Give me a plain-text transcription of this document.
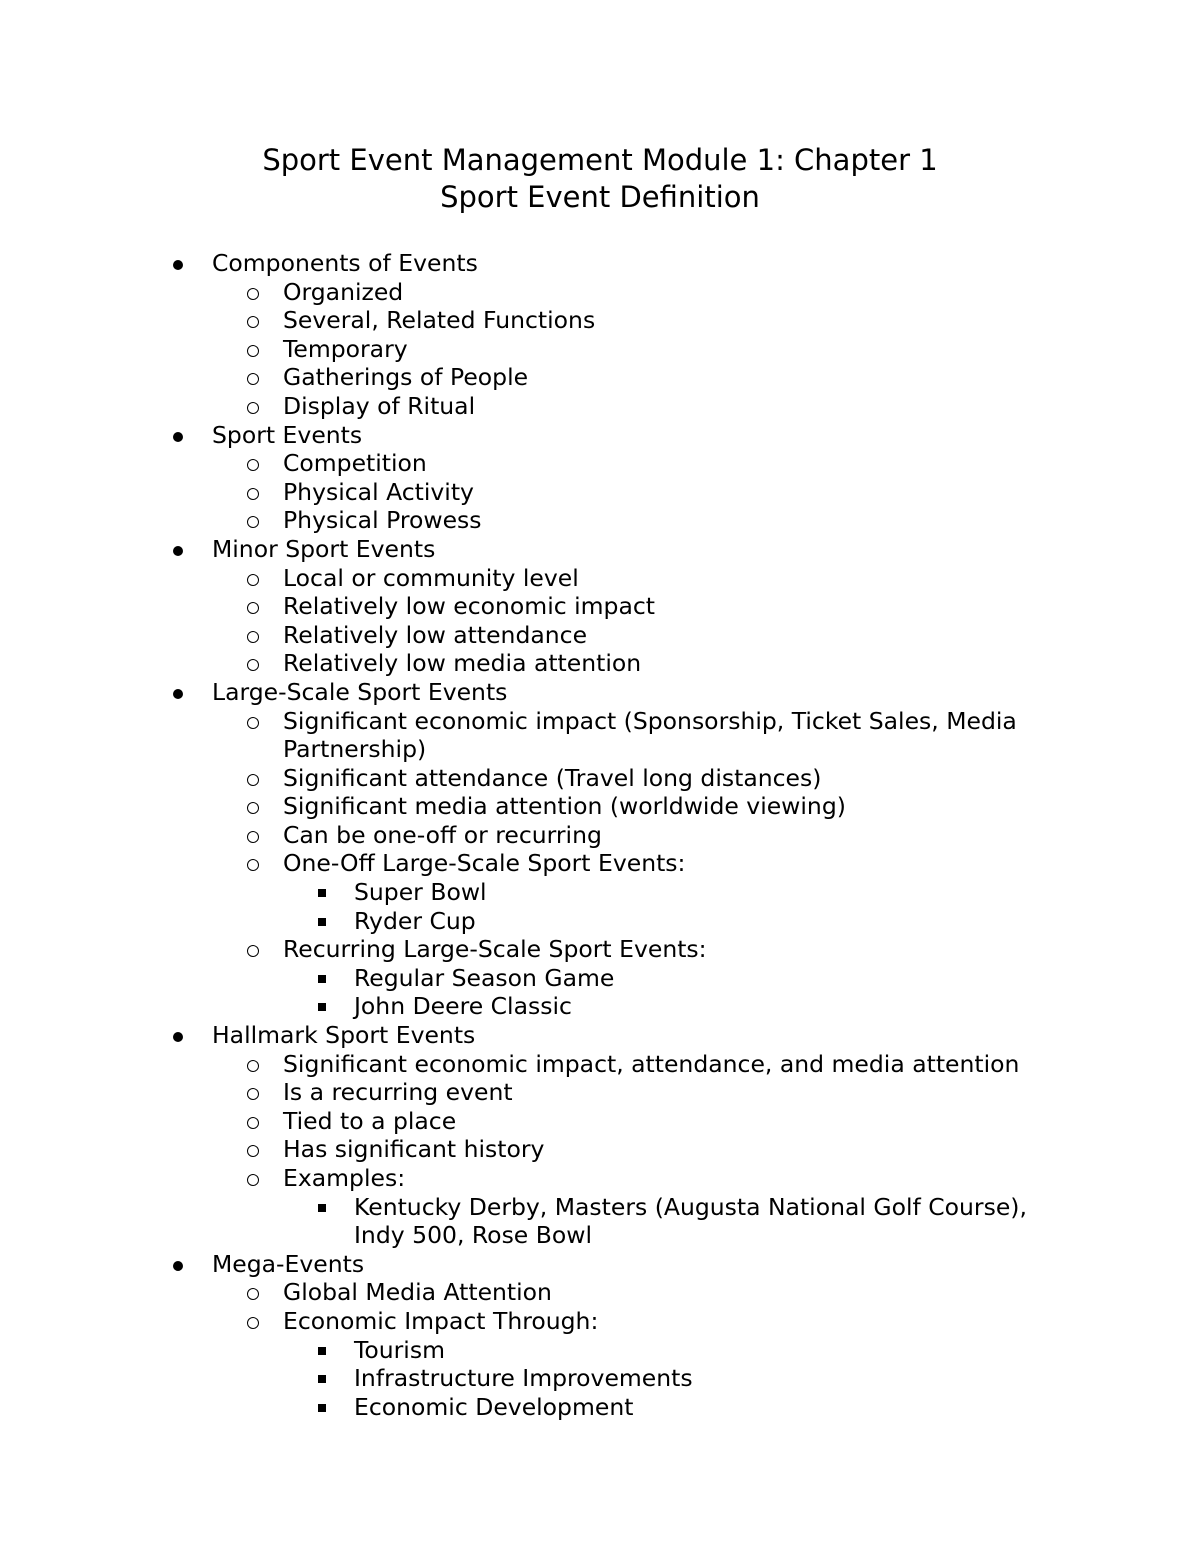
Sport Event Management Module 1: Chapter 1
Sport Event Definition
Components of Events
Organized
Several, Related Functions
Temporary
Gatherings of People
Display of Ritual
Sport Events
Competition
Physical Activity
Physical Prowess
Minor Sport Events
Local or community level
Relatively low economic impact
Relatively low attendance
Relatively low media attention
Large-Scale Sport Events
Significant economic impact (Sponsorship, Ticket Sales, Media Partnership)
Significant attendance (Travel long distances)
Significant media attention (worldwide viewing)
Can be one-off or recurring
One-Off Large-Scale Sport Events:
Super Bowl
Ryder Cup
Recurring Large-Scale Sport Events:
Regular Season Game
John Deere Classic
Hallmark Sport Events
Significant economic impact, attendance, and media attention
Is a recurring event
Tied to a place
Has significant history
Examples:
Kentucky Derby, Masters (Augusta National Golf Course), Indy 500, Rose Bowl
Mega-Events
Global Media Attention
Economic Impact Through:
Tourism
Infrastructure Improvements
Economic Development
